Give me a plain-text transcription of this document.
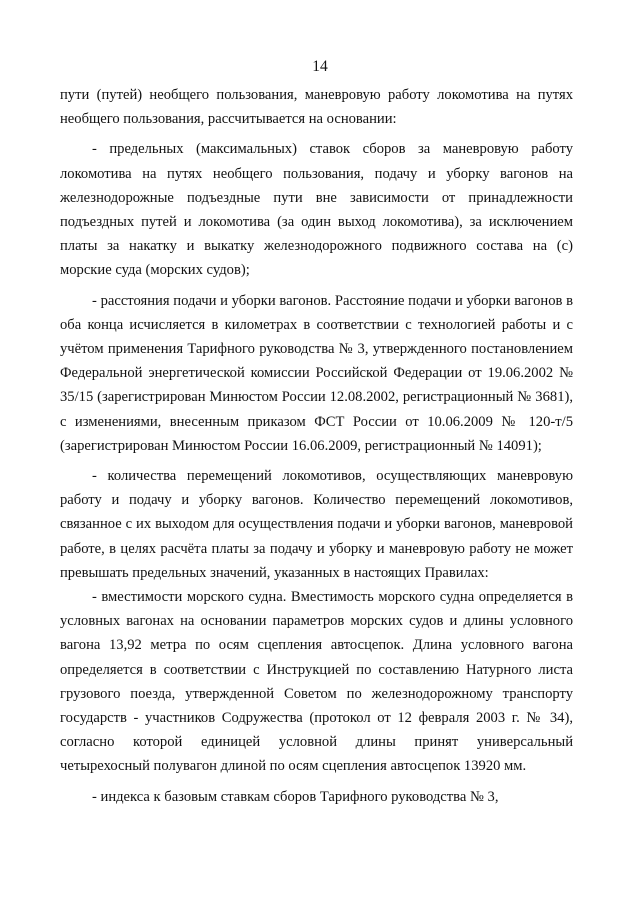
14

пути (путей) необщего пользования, маневровую работу локомотива на путях необщего пользования, рассчитывается на основании:

- предельных (максимальных) ставок сборов за маневровую работу локомотива на путях необщего пользования, подачу и уборку вагонов на железнодорожные подъездные пути вне зависимости от принадлежности подъездных путей и локомотива (за один выход локомотива), за исключением платы за накатку и выкатку железнодорожного подвижного состава на (с) морские суда (морских судов);

- расстояния подачи и уборки вагонов. Расстояние подачи и уборки вагонов в оба конца исчисляется в километрах в соответствии с технологией работы и с учётом применения Тарифного руководства № 3, утвержденного постановлением Федеральной энергетической комиссии Российской Федерации от 19.06.2002 № 35/15 (зарегистрирован Минюстом России 12.08.2002, регистрационный № 3681), с изменениями, внесенным приказом ФСТ России от 10.06.2009 № 120-т/5 (зарегистрирован Минюстом России 16.06.2009, регистрационный № 14091);

- количества перемещений локомотивов, осуществляющих маневровую работу и подачу и уборку вагонов. Количество перемещений локомотивов, связанное с их выходом для осуществления подачи и уборки вагонов, маневровой работе, в целях расчёта платы за подачу и уборку и маневровую работу не может превышать предельных значений, указанных в настоящих Правилах:

- вместимости морского судна. Вместимость морского судна определяется в условных вагонах на основании параметров морских судов и длины условного вагона 13,92 метра по осям сцепления автосцепок. Длина условного вагона определяется в соответствии с Инструкцией по составлению Натурного листа грузового поезда, утвержденной Советом по железнодорожному транспорту государств - участников Содружества (протокол от 12 февраля 2003 г. № 34), согласно которой единицей условной длины принят универсальный четырехосный полувагон длиной по осям сцепления автосцепок 13920 мм.

- индекса к базовым ставкам сборов Тарифного руководства № 3,
